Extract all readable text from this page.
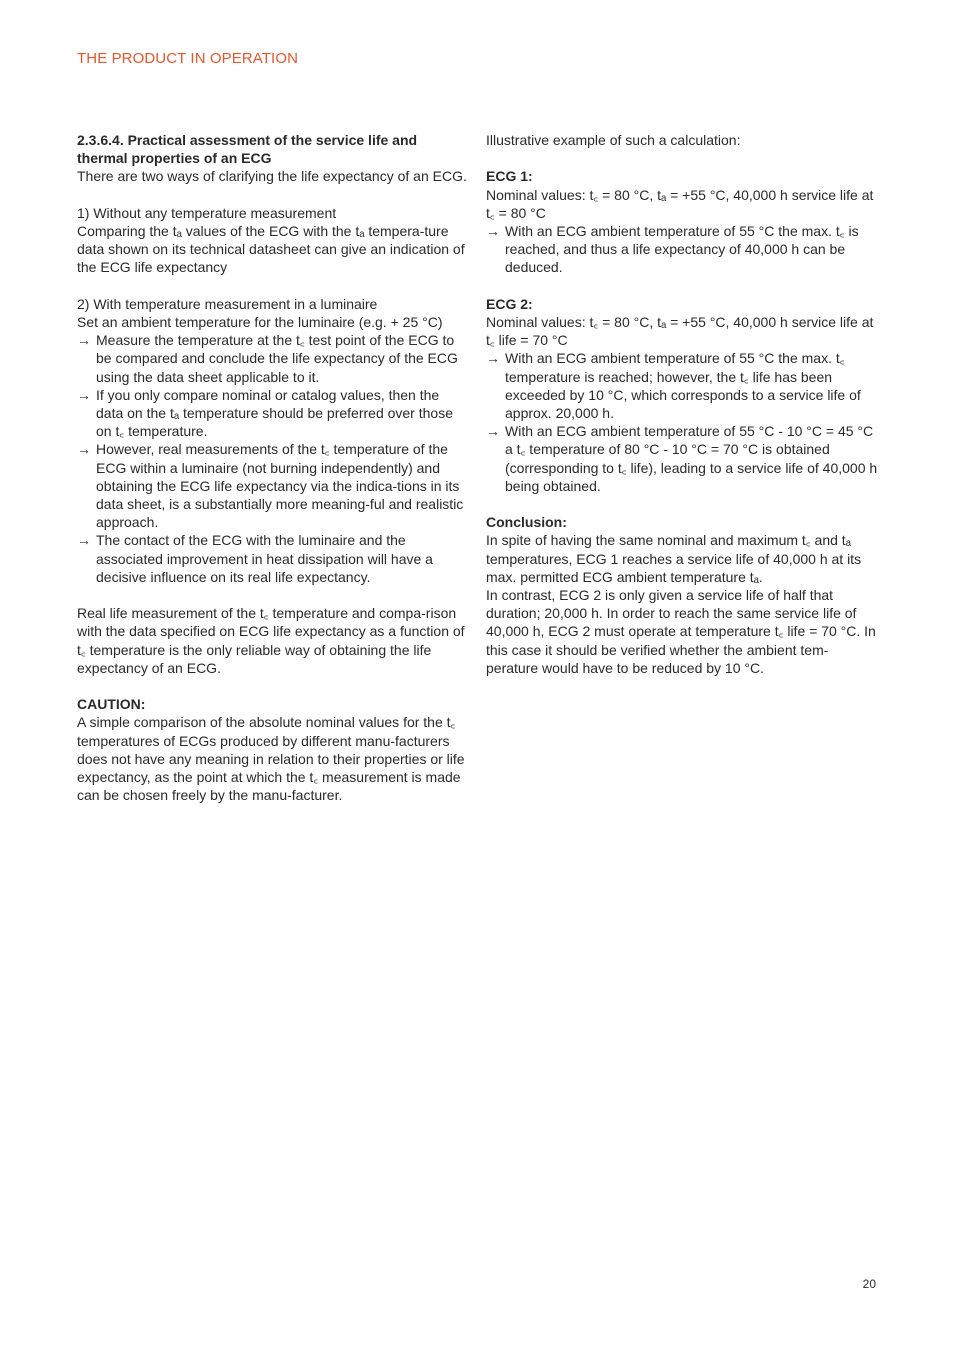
THE PRODUCT IN OPERATION

2.3.6.4. Practical assessment of the service life and thermal properties of an ECG

There are two ways of clarifying the life expectancy of an ECG.

1) Without any temperature measurement

Comparing the tₐ values of the ECG with the tₐ tempera-ture data shown on its technical datasheet can give an indication of the ECG life expectancy

2) With temperature measurement in a luminaire

Set an ambient temperature for the luminaire (e.g. + 25 °C)

→ Measure the temperature at the t꜀ test point of the ECG to be compared and conclude the life expectancy of the ECG using the data sheet applicable to it.
→ If you only compare nominal or catalog values, then the data on the tₐ temperature should be preferred over those on t꜀ temperature.
→ However, real measurements of the t꜀ temperature of the ECG within a luminaire (not burning independently) and obtaining the ECG life expectancy via the indica-tions in its data sheet, is a substantially more meaning-ful and realistic approach.
→ The contact of the ECG with the luminaire and the associated improvement in heat dissipation will have a decisive influence on its real life expectancy.

Real life measurement of the t꜀ temperature and compa-rison with the data specified on ECG life expectancy as a function of t꜀ temperature is the only reliable way of obtaining the life expectancy of an ECG.

CAUTION:

A simple comparison of the absolute nominal values for the t꜀ temperatures of ECGs produced by different manu-facturers does not have any meaning in relation to their properties or life expectancy, as the point at which the t꜀ measurement is made can be chosen freely by the manu-facturer.

Illustrative example of such a calculation:

ECG 1:

Nominal values: t꜀ = 80 °C, tₐ = +55 °C, 40,000 h service life at t꜀ = 80 °C

→ With an ECG ambient temperature of 55 °C the max. t꜀ is reached, and thus a life expectancy of 40,000 h can be deduced.

ECG 2:

Nominal values: t꜀ = 80 °C, tₐ = +55 °C, 40,000 h service life at t꜀ life = 70 °C

→ With an ECG ambient temperature of 55 °C the max. t꜀ temperature is reached; however, the t꜀ life has been exceeded by 10 °C, which corresponds to a service life of approx. 20,000 h.
→ With an ECG ambient temperature of 55 °C - 10 °C = 45 °C a t꜀ temperature of 80 °C - 10 °C = 70 °C is obtained (corresponding to t꜀ life), leading to a service life of 40,000 h being obtained.

Conclusion:

In spite of having the same nominal and maximum t꜀ and tₐ temperatures, ECG 1 reaches a service life of 40,000 h at its max. permitted ECG ambient temperature tₐ.

In contrast, ECG 2 is only given a service life of half that duration; 20,000 h. In order to reach the same service life of 40,000 h, ECG 2 must operate at temperature t꜀ life = 70 °C. In this case it should be verified whether the ambient tem-perature would have to be reduced by 10 °C.

20
